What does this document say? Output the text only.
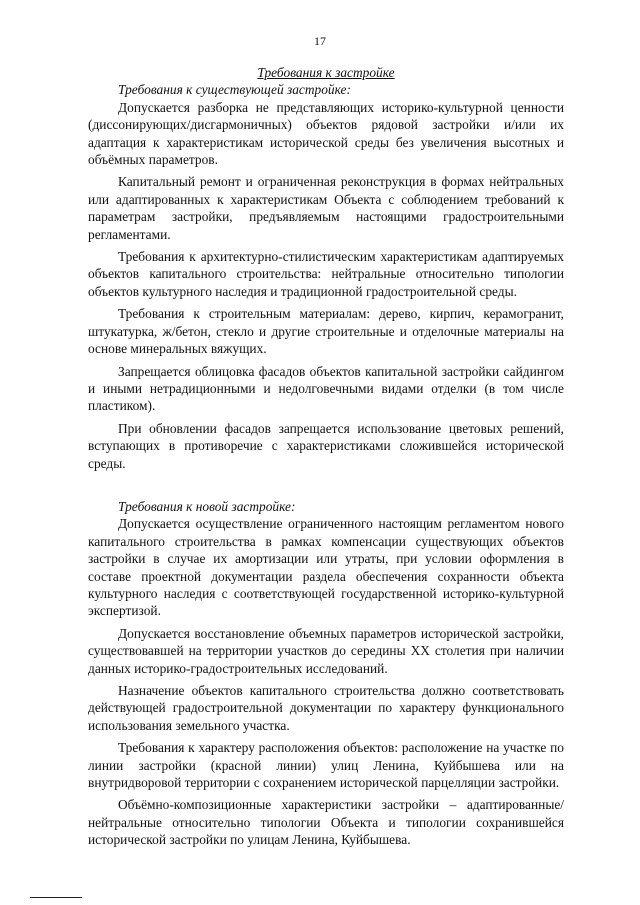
17

Требования к застройке

Требования к существующей застройке:

Допускается разборка не представляющих историко-культурной ценности (диссонирующих/дисгармоничных) объектов рядовой застройки и/или их адаптация к характеристикам исторической среды без увеличения высотных и объёмных параметров.

Капитальный ремонт и ограниченная реконструкция в формах нейтральных или адаптированных к характеристикам Объекта с соблюдением требований к параметрам застройки, предъявляемым настоящими градостроительными регламентами.

Требования к архитектурно-стилистическим характеристикам адаптируемых объектов капитального строительства: нейтральные относительно типологии объектов культурного наследия и традиционной градостроительной среды.

Требования к строительным материалам: дерево, кирпич, керамогранит, штукатурка, ж/бетон, стекло и другие строительные и отделочные материалы на основе минеральных вяжущих.

Запрещается облицовка фасадов объектов капитальной застройки сайдингом и иными нетрадиционными и недолговечными видами отделки (в том числе пластиком).

При обновлении фасадов запрещается использование цветовых решений, вступающих в противоречие с характеристиками сложившейся исторической среды.

Требования к новой застройке:

Допускается осуществление ограниченного настоящим регламентом нового капитального строительства в рамках компенсации существующих объектов застройки в случае их амортизации или утраты, при условии оформления в составе проектной документации раздела обеспечения сохранности объекта культурного наследия с соответствующей государственной историко-культурной экспертизой.

Допускается восстановление объемных параметров исторической застройки, существовавшей на территории участков до середины XX столетия при наличии данных историко-градостроительных исследований.

Назначение объектов капитального строительства должно соответствовать действующей градостроительной документации по характеру функционального использования земельного участка.

Требования к характеру расположения объектов: расположение на участке по линии застройки (красной линии) улиц Ленина, Куйбышева или на внутридворовой территории с сохранением исторической парцелляции застройки.

Объёмно-композиционные характеристики застройки – адаптированные/ нейтральные относительно типологии Объекта и типологии сохранившейся исторической застройки по улицам Ленина, Куйбышева.
